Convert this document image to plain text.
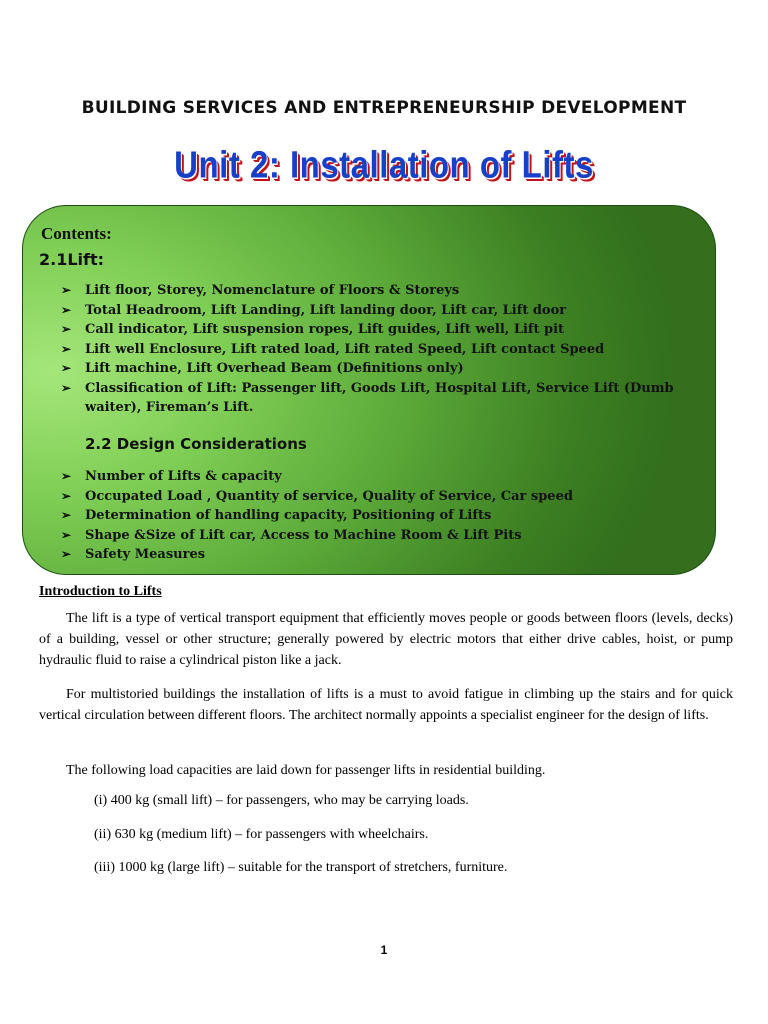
BUILDING SERVICES AND ENTREPRENEURSHIP DEVELOPMENT
Unit 2: Installation of Lifts
Contents:
2.1Lift:
➢ Lift floor, Storey, Nomenclature of Floors & Storeys
➢ Total Headroom, Lift Landing, Lift landing door, Lift car, Lift door
➢ Call indicator, Lift suspension ropes, Lift guides, Lift well, Lift pit
➢ Lift well Enclosure, Lift rated load, Lift rated Speed, Lift contact Speed
➢ Lift machine, Lift Overhead Beam (Definitions only)
➢ Classification of Lift: Passenger lift, Goods Lift, Hospital Lift, Service Lift (Dumb waiter), Fireman’s Lift.
2.2 Design Considerations
➢ Number of Lifts & capacity
➢ Occupated Load , Quantity of service, Quality of Service, Car speed
➢ Determination of handling capacity, Positioning of Lifts
➢ Shape &Size of Lift car, Access to Machine Room & Lift Pits
➢ Safety Measures
Introduction to Lifts

The lift is a type of vertical transport equipment that efficiently moves people or goods between floors (levels, decks) of a building, vessel or other structure; generally powered by electric motors that either drive cables, hoist, or pump hydraulic fluid to raise a cylindrical piston like a jack.

For multistoried buildings the installation of lifts is a must to avoid fatigue in climbing up the stairs and for quick vertical circulation between different floors. The architect normally appoints a specialist engineer for the design of lifts.

The following load capacities are laid down for passenger lifts in residential building.

(i) 400 kg (small lift) – for passengers, who may be carrying loads.

(ii) 630 kg (medium lift) – for passengers with wheelchairs.

(iii) 1000 kg (large lift) – suitable for the transport of stretchers, furniture.

1
